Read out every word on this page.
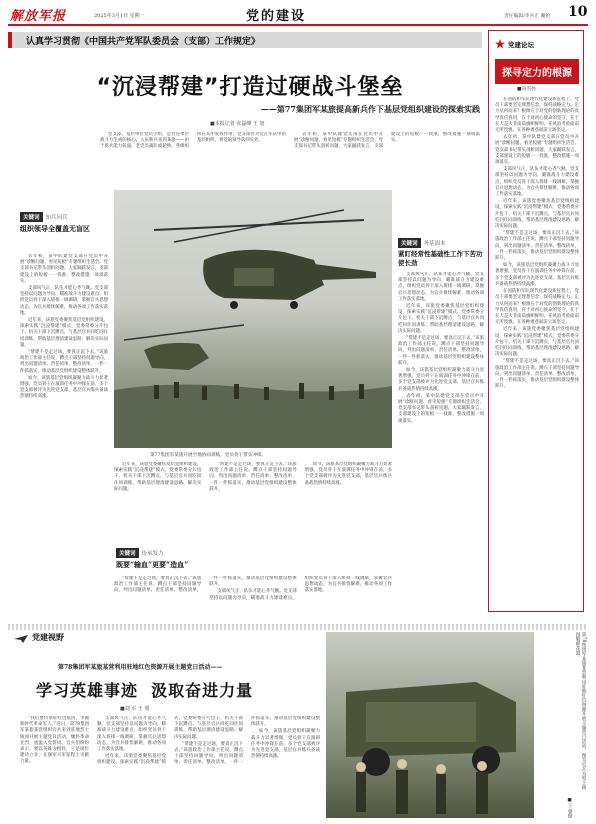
解放军报	2025年3月1日 星期一	党的建设	责任编辑/李兵正 睡伦 10
认真学习贯彻《中国共产党军队委员会（支部）工作规定》
“沉浸帮建”打造过硬战斗堡垒
——第77集团军某旅提高新兵作下基层党组织建设的探索实践
■本报记者 张磊峰 王 旭

党支部，基层单位党员小组，是营连单位战斗力生成的核心。入伍新兵来到某旅——由于新兵能力较弱，老党员离队或轮换，各级组织在其中发挥作用，党支部作为党在军队中的基层组织，将党的领导落到实处。

去年初，某中队建党支部在党员中开展“诊断问题、看见短板”专题组织生活会。党支部书记带头剖析问题，大家踊跃发言，支部建设上的短板一一找准，整改措施一项项落实。

关键词	知兵问兵
组织领导全覆盖无盲区

去年初，某中队建党支部在党员中开展“诊断问题、看见短板”专题组织生活会。党支部书记带头剖析问题，大家踊跃发言，支部建设上的短板一一找准，整改措施一项项落实。

支部风气正，队伍才能心齐气顺。党支部坚持以问题为导向，瞄准战斗力建设难点，组织党员骨干深入班排一线调研，掌握官兵思想动态，为官兵排忧解难，推动各项工作落实落地。

近年来，该旅党委聚焦基层党组织建设，探索实践“沉浸帮建”模式，党委常委分片包干、机关干部下沉蹲点，与基层官兵同吃同住同训练，帮助基层理清建设思路、解决实际问题。

“帮建不是走过场，要真正沉下去。”该旅政治工作部主任说。蹲点干部坚持问题导向，列出问题清单、责任清单、整改清单，一件一件抓落实，推动基层党组织建设整体跃升。

如今，该旅基层党组织凝聚力战斗力显著增强，党员骨干在演训任务中冲锋在前，多个党支部被评为先进党支部，基层官兵练兵备战热情持续高涨。

第77集团军某旅开展空地协同训练，党员骨干带头冲锋。
关键词	务基固本
紧盯经常性基础性工作下苦功使长劲

支部风气正，队伍才能心齐气顺。党支部坚持以问题为导向，瞄准战斗力建设难点，组织党员骨干深入班排一线调研，掌握官兵思想动态，为官兵排忧解难，推动各项工作落实落地。

近年来，该旅党委聚焦基层党组织建设，探索实践“沉浸帮建”模式，党委常委分片包干、机关干部下沉蹲点，与基层官兵同吃同住同训练，帮助基层理清建设思路、解决实际问题。

“帮建不是走过场，要真正沉下去。”该旅政治工作部主任说。蹲点干部坚持问题导向，列出问题清单、责任清单、整改清单，一件一件抓落实，推动基层党组织建设整体跃升。

如今，该旅基层党组织凝聚力战斗力显著增强，党员骨干在演训任务中冲锋在前，多个党支部被评为先进党支部，基层官兵练兵备战热情持续高涨。

去年初，某中队建党支部在党员中开展“诊断问题、看见短板”专题组织生活会。党支部书记带头剖析问题，大家踊跃发言，支部建设上的短板一一找准，整改措施一项项落实。

近年来，该旅党委聚焦基层党组织建设，探索实践“沉浸帮建”模式，党委常委分片包干、机关干部下沉蹲点，与基层官兵同吃同住同训练，帮助基层理清建设思路、解决实际问题。

“帮建不是走过场，要真正沉下去。”该旅政治工作部主任说。蹲点干部坚持问题导向，列出问题清单、责任清单、整改清单，一件一件抓落实，推动基层党组织建设整体跃升。

如今，该旅基层党组织凝聚力战斗力显著增强，党员骨干在演训任务中冲锋在前，多个党支部被评为先进党支部，基层官兵练兵备战热情持续高涨。

关键词	传承发力
既要“输血”更要“造血”

“帮建不是走过场，要真正沉下去。”该旅政治工作部主任说。蹲点干部坚持问题导向，列出问题清单、责任清单、整改清单，一件一件抓落实，推动基层党组织建设整体跃升。

支部风气正，队伍才能心齐气顺。党支部坚持以问题为导向，瞄准战斗力建设难点，组织党员骨干深入班排一线调研，掌握官兵思想动态，为官兵排忧解难，推动各项工作落实落地。

党建论坛
探寻定力的根源
■向雪亮

在国防和军队现代化建设新征程上，党员干部要坚定理想信念，保持战略定力。定力从何而来？根源在于对党的创新理论的真学真信真用，在于对初心使命的坚守，在于在大是大非面前旗帜鲜明、在风浪考验面前无所畏惧、在各种诱惑面前立场坚定。

去年初，某中队建党支部在党员中开展“诊断问题、看见短板”专题组织生活会。党支部书记带头剖析问题，大家踊跃发言，支部建设上的短板一一找准，整改措施一项项落实。

支部风气正，队伍才能心齐气顺。党支部坚持以问题为导向，瞄准战斗力建设难点，组织党员骨干深入班排一线调研，掌握官兵思想动态，为官兵排忧解难，推动各项工作落实落地。

近年来，该旅党委聚焦基层党组织建设，探索实践“沉浸帮建”模式，党委常委分片包干、机关干部下沉蹲点，与基层官兵同吃同住同训练，帮助基层理清建设思路、解决实际问题。

“帮建不是走过场，要真正沉下去。”该旅政治工作部主任说。蹲点干部坚持问题导向，列出问题清单、责任清单、整改清单，一件一件抓落实，推动基层党组织建设整体跃升。

如今，该旅基层党组织凝聚力战斗力显著增强，党员骨干在演训任务中冲锋在前，多个党支部被评为先进党支部，基层官兵练兵备战热情持续高涨。

在国防和军队现代化建设新征程上，党员干部要坚定理想信念，保持战略定力。定力从何而来？根源在于对党的创新理论的真学真信真用，在于对初心使命的坚守，在于在大是大非面前旗帜鲜明、在风浪考验面前无所畏惧、在各种诱惑面前立场坚定。

近年来，该旅党委聚焦基层党组织建设，探索实践“沉浸帮建”模式，党委常委分片包干、机关干部下沉蹲点，与基层官兵同吃同住同训练，帮助基层理清建设思路、解决实际问题。

“帮建不是走过场，要真正沉下去。”该旅政治工作部主任说。蹲点干部坚持问题导向，列出问题清单、责任清单、整改清单，一件一件抓落实，推动基层党组织建设整体跃升。

党建视野
第78集团军某旅某营利用驻地红色资源开展主题党日活动——
学习英雄事迹  汲取奋进力量
■刘 军 王 睿

“我们要传承好红色基因，争做新时代革命军人。”近日，第78集团军某旅某营组织官兵来到驻地烈士陵园开展主题党日活动，缅怀革命先烈，重温入党誓词。官兵们纷纷表示，要以英雄为榜样，立足岗位建功立业，在强军兴军征程上贡献力量。

支部风气正，队伍才能心齐气顺。党支部坚持以问题为导向，瞄准战斗力建设难点，组织党员骨干深入班排一线调研，掌握官兵思想动态，为官兵排忧解难，推动各项工作落实落地。

近年来，该旅党委聚焦基层党组织建设，探索实践“沉浸帮建”模式，党委常委分片包干、机关干部下沉蹲点，与基层官兵同吃同住同训练，帮助基层理清建设思路、解决实际问题。

“帮建不是走过场，要真正沉下去。”该旅政治工作部主任说。蹲点干部坚持问题导向，列出问题清单、责任清单、整改清单，一件一件抓落实，推动基层党组织建设整体跃升。

如今，该旅基层党组织凝聚力战斗力显著增强，党员骨干在演训任务中冲锋在前，多个党支部被评为先进党支部，基层官兵练兵备战热情持续高涨。	第78集团军某旅某营利用驻地红色资源开展主题党日活动。图为官兵为烈士陵园敬献花篮。
■王 睿摄
